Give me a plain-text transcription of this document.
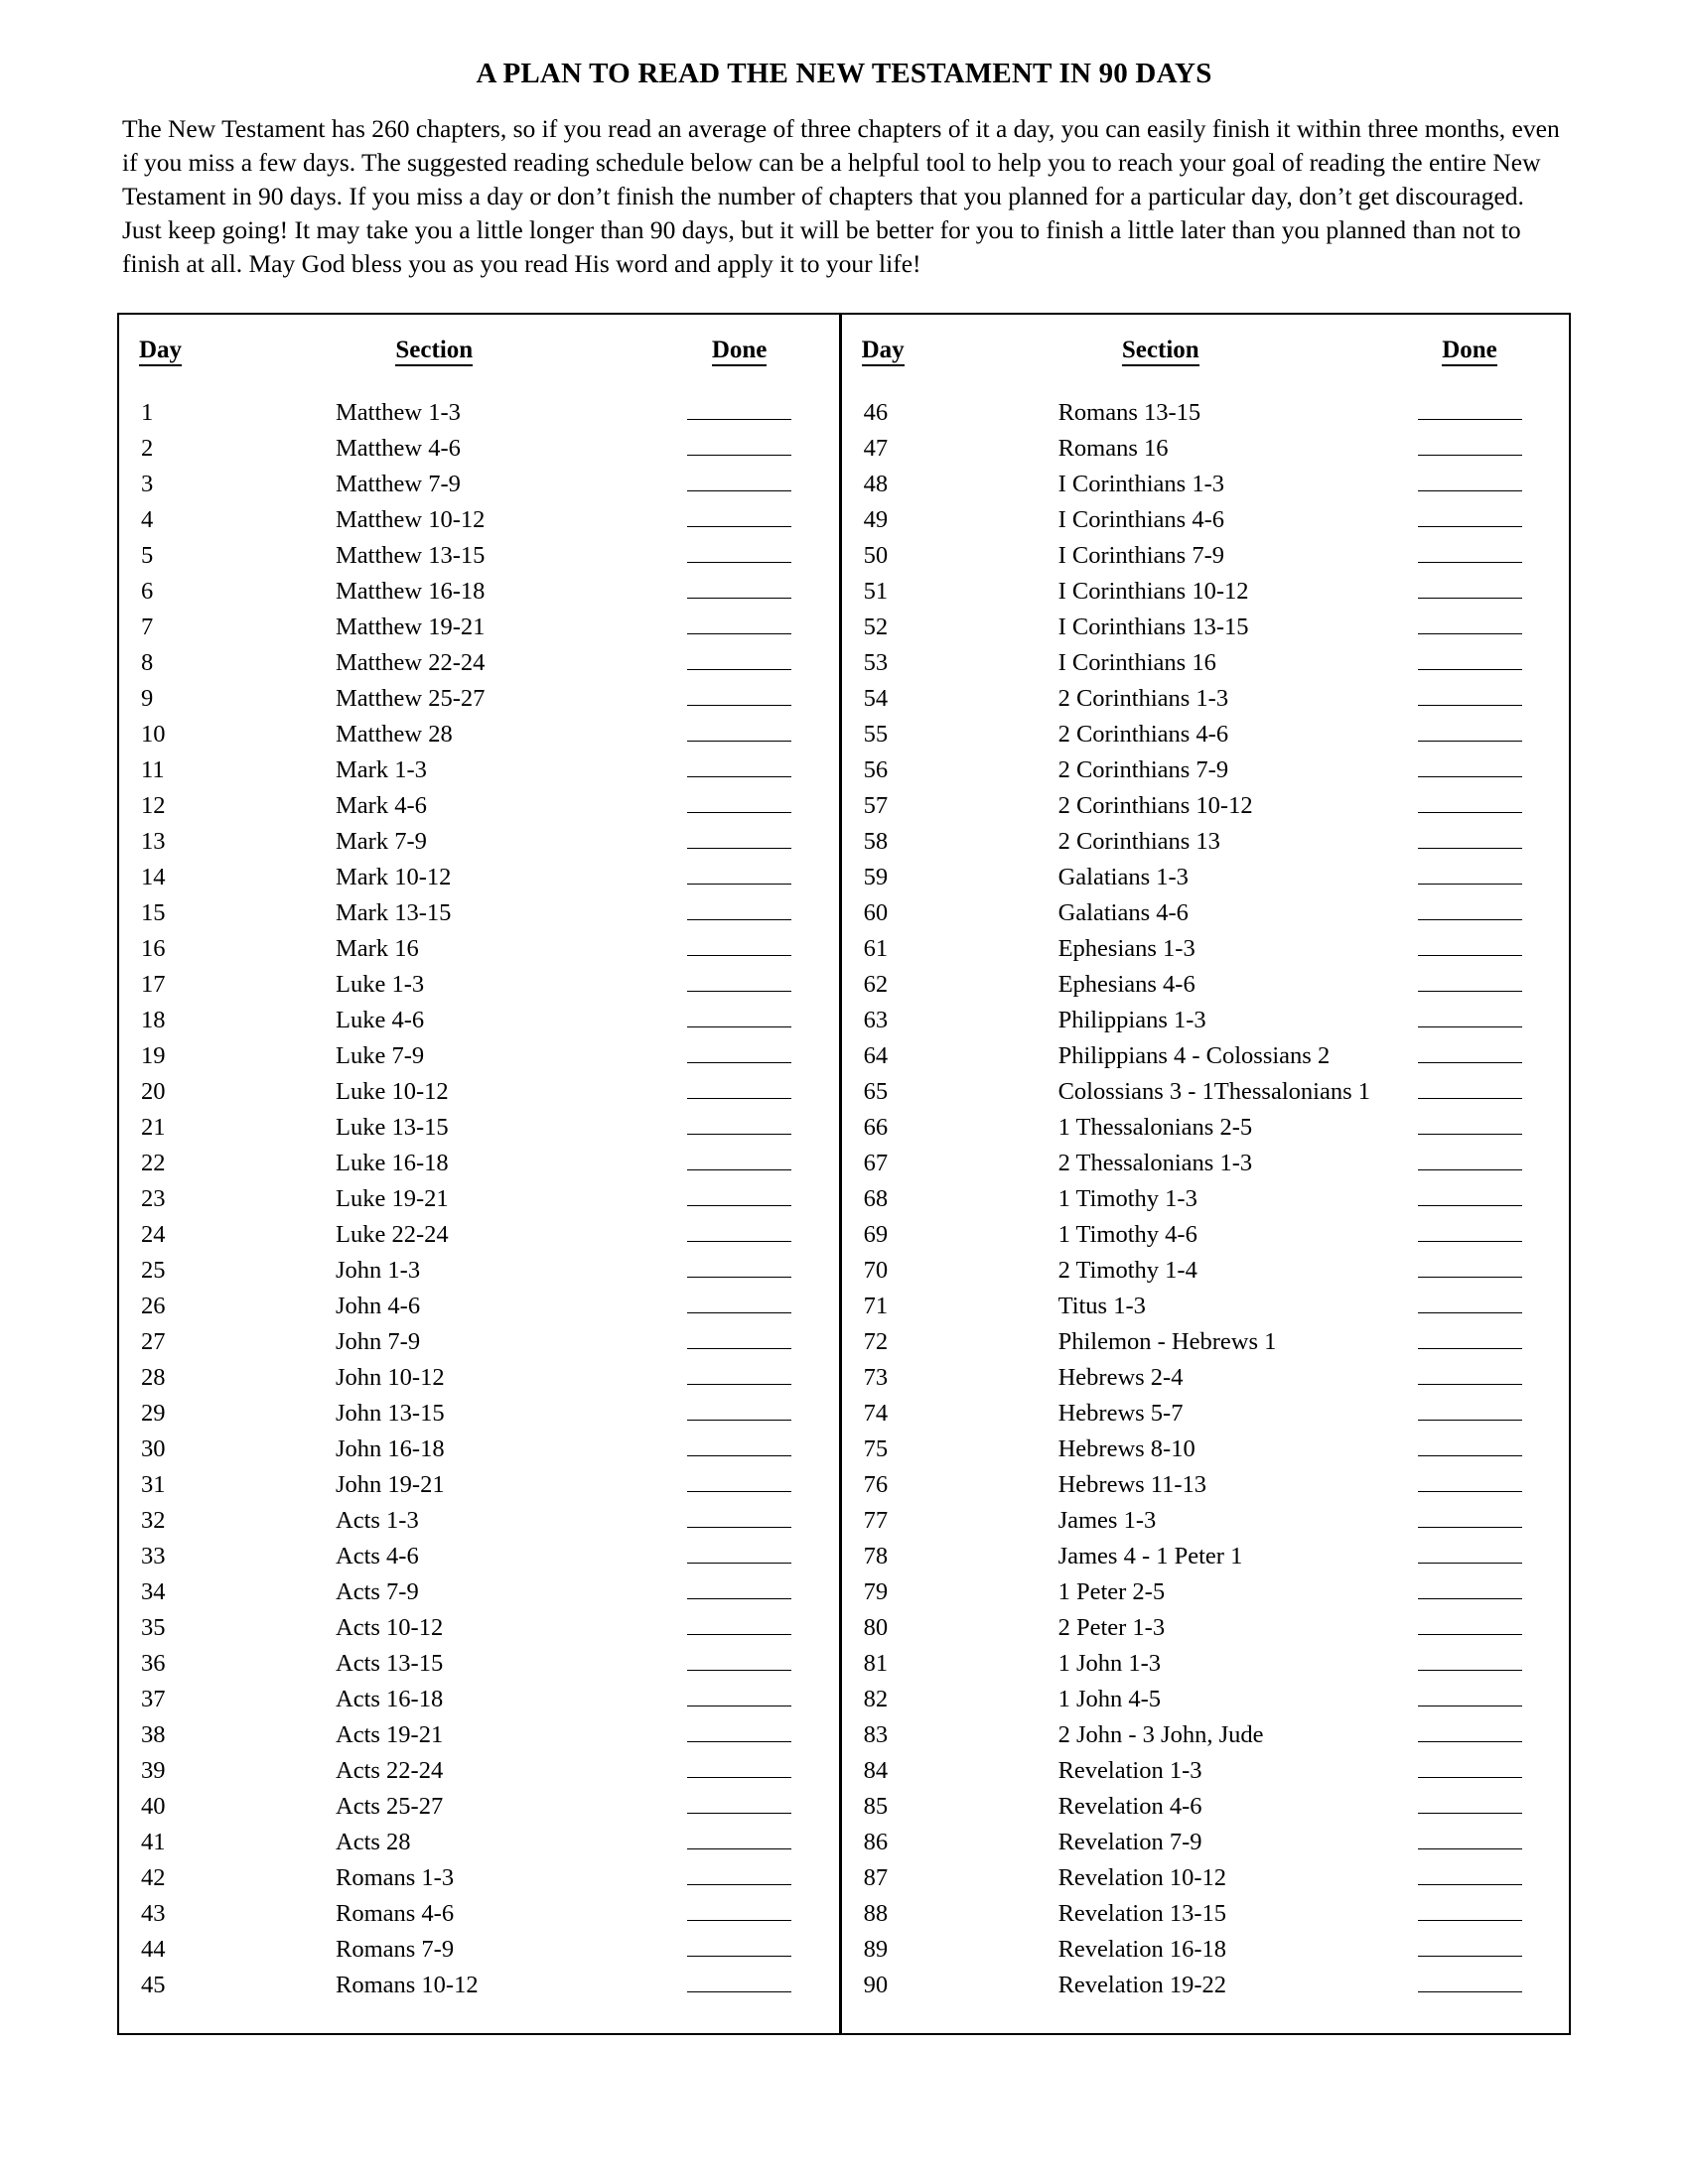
A PLAN TO READ THE NEW TESTAMENT IN 90 DAYS

The New Testament has 260 chapters, so if you read an average of three chapters of it a day, you can easily finish it within three months, even if you miss a few days. The suggested reading schedule below can be a helpful tool to help you to reach your goal of reading the entire New Testament in 90 days. If you miss a day or don’t finish the number of chapters that you planned for a particular day, don’t get discouraged. Just keep going! It may take you a little longer than 90 days, but it will be better for you to finish a little later than you planned than not to finish at all. May God bless you as you read His word and apply it to your life!

Day	Section	Done
1	Matthew 1-3
2	Matthew 4-6
3	Matthew 7-9
4	Matthew 10-12
5	Matthew 13-15
6	Matthew 16-18
7	Matthew 19-21
8	Matthew 22-24
9	Matthew 25-27
10	Matthew 28
11	Mark 1-3
12	Mark 4-6
13	Mark 7-9
14	Mark 10-12
15	Mark 13-15
16	Mark 16
17	Luke 1-3
18	Luke 4-6
19	Luke 7-9
20	Luke 10-12
21	Luke 13-15
22	Luke 16-18
23	Luke 19-21
24	Luke 22-24
25	John 1-3
26	John 4-6
27	John 7-9
28	John 10-12
29	John 13-15
30	John 16-18
31	John 19-21
32	Acts 1-3
33	Acts 4-6
34	Acts 7-9
35	Acts 10-12
36	Acts 13-15
37	Acts 16-18
38	Acts 19-21
39	Acts 22-24
40	Acts 25-27
41	Acts 28
42	Romans 1-3
43	Romans 4-6
44	Romans 7-9
45	Romans 10-12
Day	Section	Done
46	Romans 13-15
47	Romans 16
48	I Corinthians 1-3
49	I Corinthians 4-6
50	I Corinthians 7-9
51	I Corinthians 10-12
52	I Corinthians 13-15
53	I Corinthians 16
54	2 Corinthians 1-3
55	2 Corinthians 4-6
56	2 Corinthians 7-9
57	2 Corinthians 10-12
58	2 Corinthians 13
59	Galatians 1-3
60	Galatians 4-6
61	Ephesians 1-3
62	Ephesians 4-6
63	Philippians 1-3
64	Philippians 4 - Colossians 2
65	Colossians 3 - 1Thessalonians 1
66	1 Thessalonians 2-5
67	2 Thessalonians 1-3
68	1 Timothy 1-3
69	1 Timothy 4-6
70	2 Timothy 1-4
71	Titus 1-3
72	Philemon - Hebrews 1
73	Hebrews 2-4
74	Hebrews 5-7
75	Hebrews 8-10
76	Hebrews 11-13
77	James 1-3
78	James 4 - 1 Peter 1
79	1 Peter 2-5
80	2 Peter 1-3
81	1 John 1-3
82	1 John 4-5
83	2 John - 3 John, Jude
84	Revelation 1-3
85	Revelation 4-6
86	Revelation 7-9
87	Revelation 10-12
88	Revelation 13-15
89	Revelation 16-18
90	Revelation 19-22
